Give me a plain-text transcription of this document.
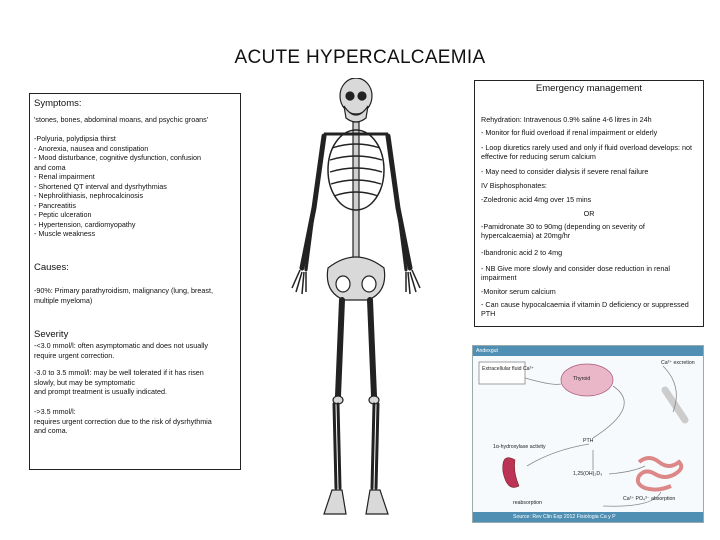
ACUTE HYPERCALCAEMIA
Symptoms:
'stones, bones, abdominal moans, and psychic groans'
-Polyuria, polydipsia thirst
- Anorexia, nausea and constipation
- Mood disturbance, cognitive dysfunction, confusion
and coma
- Renal impairment
- Shortened QT interval and dysrhythmias
- Nephrolithiasis, nephrocalcinosis
- Pancreatitis
- Peptic ulceration
- Hypertension, cardiomyopathy
- Muscle weakness
Causes:
-90%: Primary parathyroidism, malignancy (lung, breast,
multiple myeloma)
Severity
-<3.0 mmol/l: often asymptomatic and does not usually
require urgent correction.
-3.0 to 3.5 mmol/l: may be well tolerated if it has risen
slowly, but may be symptomatic
and prompt treatment is usually indicated.
->3.5 mmol/l:
requires urgent correction due to the risk of dysrhythmia
and coma.
Emergency management
Rehydration: Intravenous 0.9% saline 4-6 litres in 24h
- Monitor for fluid overload if renal impairment or elderly
- Loop diuretics rarely used and only if fluid overload develops: not effective for reducing serum calcium
- May need to consider dialysis if severe renal failure
IV Bisphosphonates:
-Zoledronic acid 4mg over 15 mins
OR
-Pamidronate 30 to 90mg (depending on severity of hypercalcaemia) at 20mg/hr
-Ibandronic acid 2 to 4mg
- NB Give more slowly and consider dose reduction in renal impairment
-Monitor serum calcium
- Can cause hypocalcaemia if vitamin D deficiency or suppressed PTH
Andexgut
Extracellular fluid Ca²⁺
Thyroid
Ca²⁺ excretion
PTH
1,25(OH)₂D₃
1α-hydroxylase activity
reabsorption
Ca²⁺ PO₄³⁻ absorption
Source: Rev Clin Exp 2012 Fisiologia Ca y P
